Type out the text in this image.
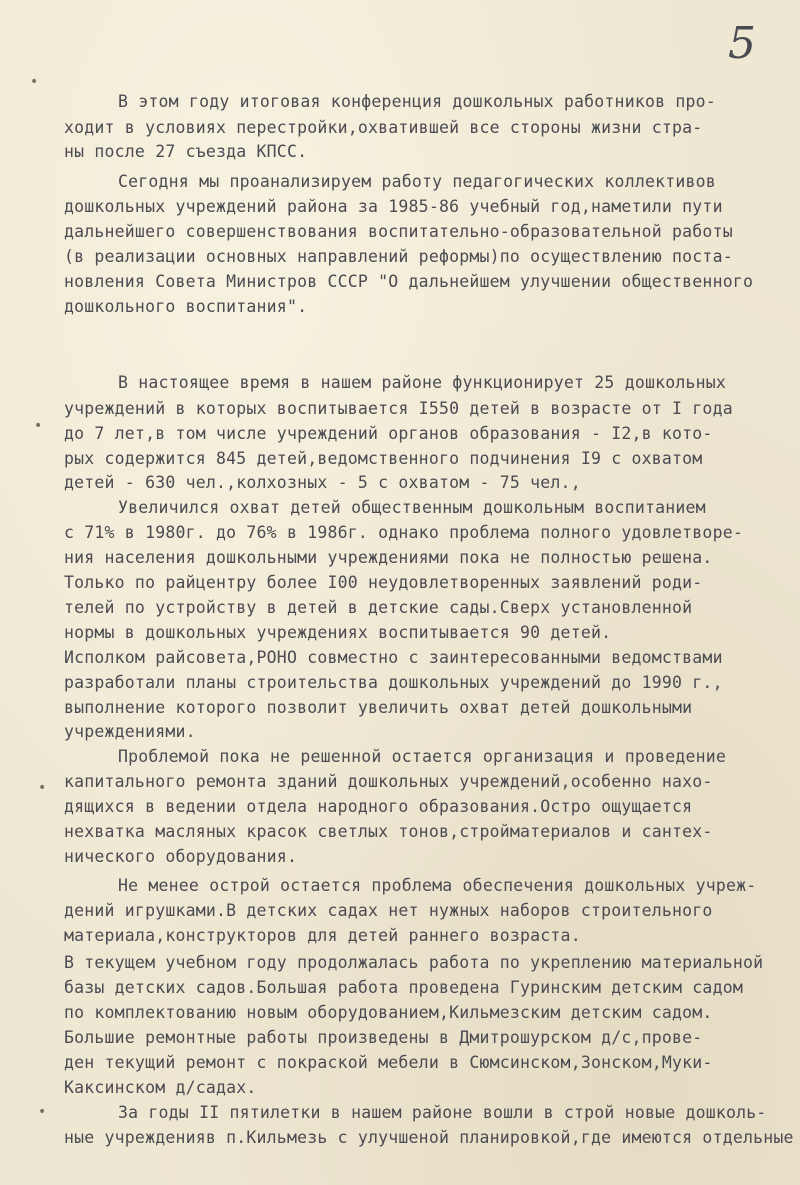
5

•

•

•

•

В этом году итоговая конференция дошкольных работников про-

ходит в условиях перестройки,охватившей все стороны жизни стра-

ны после 27 съезда КПСС.

Сегодня мы проанализируем работу педагогических коллективов

дошкольных учреждений района за 1985-86 учебный год,наметили пути

дальнейшего совершенствования воспитательно-образовательной работы

(в реализации основных направлений реформы)по осуществлению поста-

новления Совета Министров СССР "О дальнейшем улучшении общественного

дошкольного воспитания".

В настоящее время в нашем районе функционирует 25 дошкольных

учреждений в которых воспитывается I550 детей в возрасте от I года

до 7 лет,в том числе учреждений органов образования - I2,в кото-

рых содержится 845 детей,ведомственного подчинения I9 с охватом

детей - 630 чел.,колхозных - 5 с охватом - 75 чел.,

Увеличился охват детей общественным дошкольным воспитанием

с 71% в 1980г. до 76% в 1986г. однако проблема полного удовлетворе-

ния населения дошкольными учреждениями пока не полностью решена.

Только по райцентру более I00 неудовлетворенных заявлений роди-

телей по устройству в детей в детские сады.Сверх установленной

нормы в дошкольных учреждениях воспитывается 90 детей.

Исполком райсовета,РОНО совместно с заинтересованными ведомствами

разработали планы строительства дошкольных учреждений до 1990 г.,

выполнение которого позволит увеличить охват детей дошкольными

учреждениями.

Проблемой пока не решенной остается организация и проведение

капитального ремонта зданий дошкольных учреждений,особенно нахо-

дящихся в ведении отдела народного образования.Остро ощущается

нехватка масляных красок светлых тонов,стройматериалов и сантех-

нического оборудования.

Не менее острой остается проблема обеспечения дошкольных учреж-

дений игрушками.В детских садах нет нужных наборов строительного

материала,конструкторов для детей раннего возраста.

В текущем учебном году продолжалась работа по укреплению материальной

базы детских садов.Большая работа проведена Гуринским детским садом

по комплектованию новым оборудованием,Кильмезским детским садом.

Большие ремонтные работы произведены в Дмитрошурском д/с,прове-

ден текущий ремонт с покраской мебели в Сюмсинском,Зонском,Муки-

Каксинском д/садах.

За годы II пятилетки в нашем районе вошли в строй новые дошколь-

ные учрежденияв п.Кильмезь с улучшеной планировкой,где имеются отдельные
